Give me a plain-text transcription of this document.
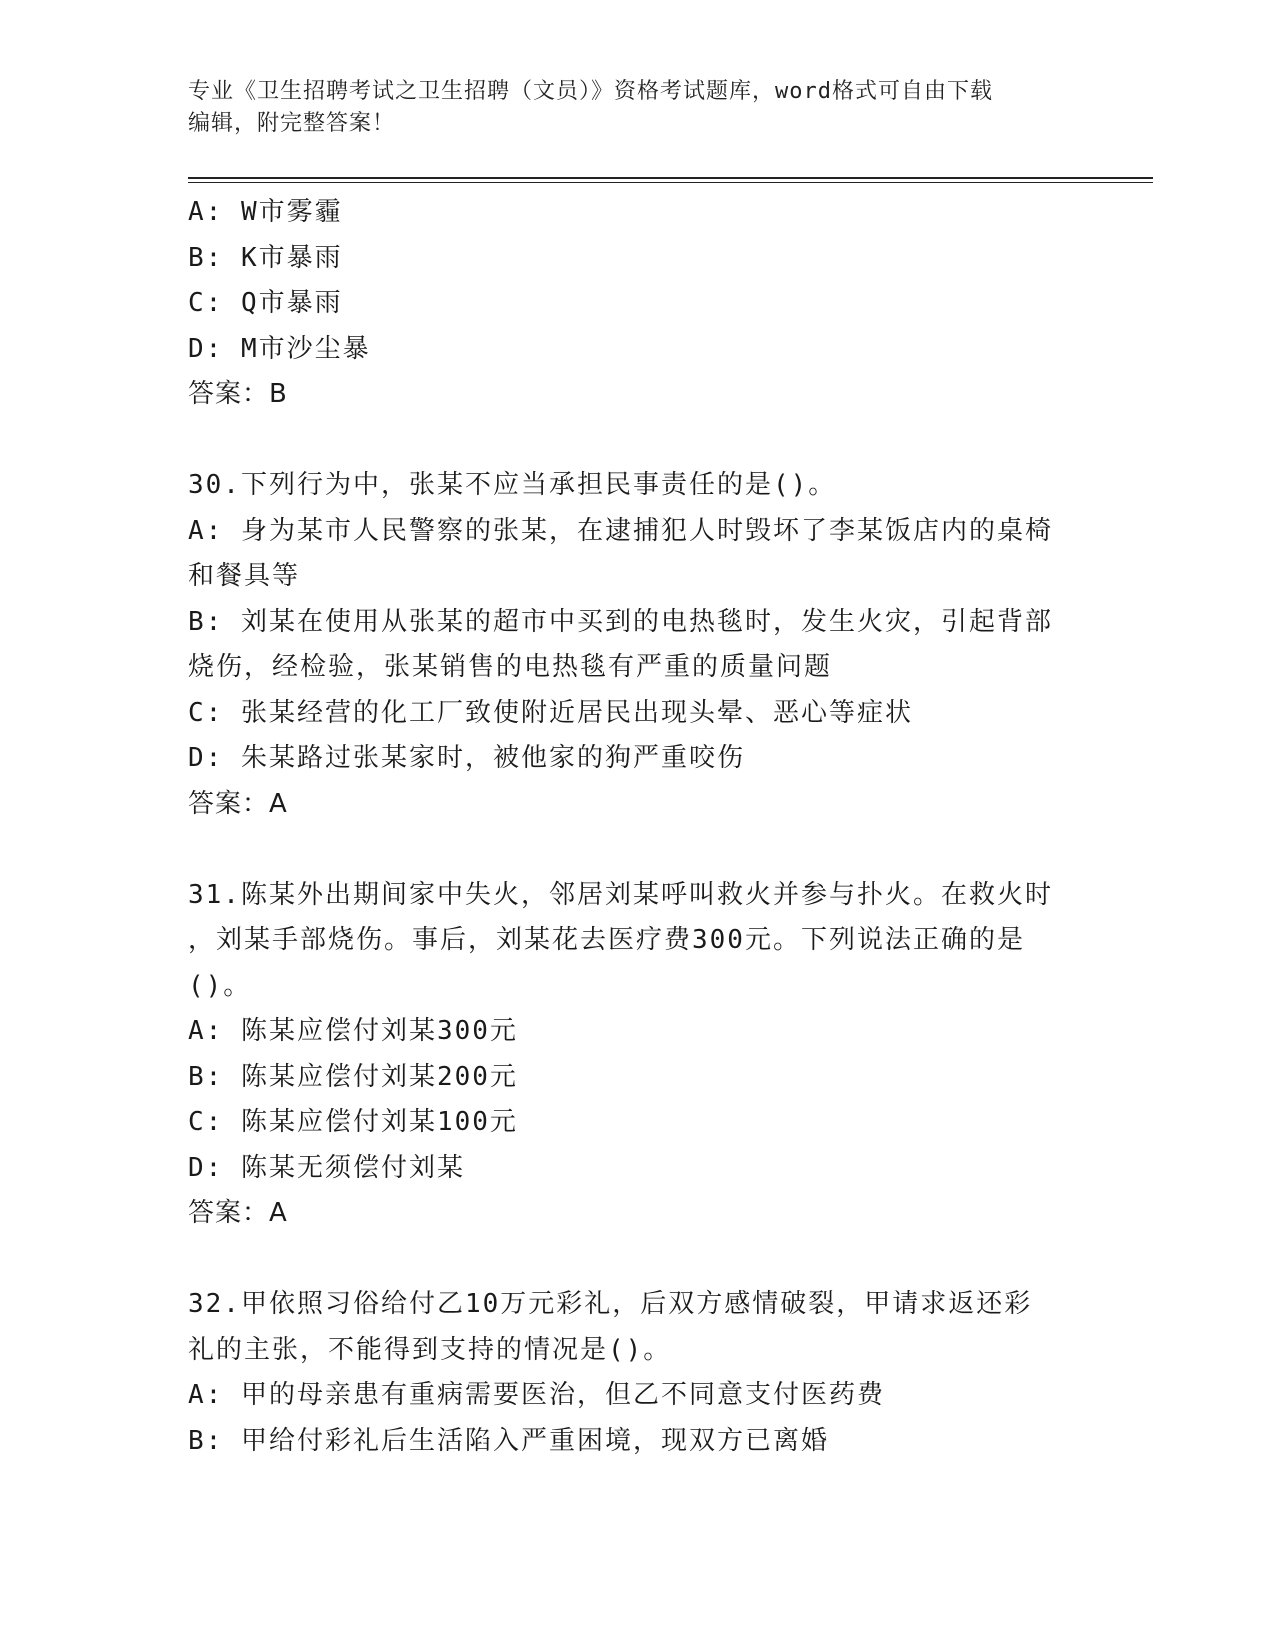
专业《卫生招聘考试之卫生招聘（文员）》资格考试题库，word格式可自由下载
编辑，附完整答案！

A: W市雾霾

B: K市暴雨

C: Q市暴雨

D: M市沙尘暴

答案：B

30.下列行为中，张某不应当承担民事责任的是()。

A: 身为某市人民警察的张某，在逮捕犯人时毁坏了李某饭店内的桌椅

和餐具等

B: 刘某在使用从张某的超市中买到的电热毯时，发生火灾，引起背部

烧伤，经检验，张某销售的电热毯有严重的质量问题

C: 张某经营的化工厂致使附近居民出现头晕、恶心等症状

D: 朱某路过张某家时，被他家的狗严重咬伤

答案：A

31.陈某外出期间家中失火，邻居刘某呼叫救火并参与扑火。在救火时

，刘某手部烧伤。事后，刘某花去医疗费300元。下列说法正确的是

()。

A: 陈某应偿付刘某300元

B: 陈某应偿付刘某200元

C: 陈某应偿付刘某100元

D: 陈某无须偿付刘某

答案：A

32.甲依照习俗给付乙10万元彩礼，后双方感情破裂，甲请求返还彩

礼的主张，不能得到支持的情况是()。

A: 甲的母亲患有重病需要医治，但乙不同意支付医药费

B: 甲给付彩礼后生活陷入严重困境，现双方已离婚
